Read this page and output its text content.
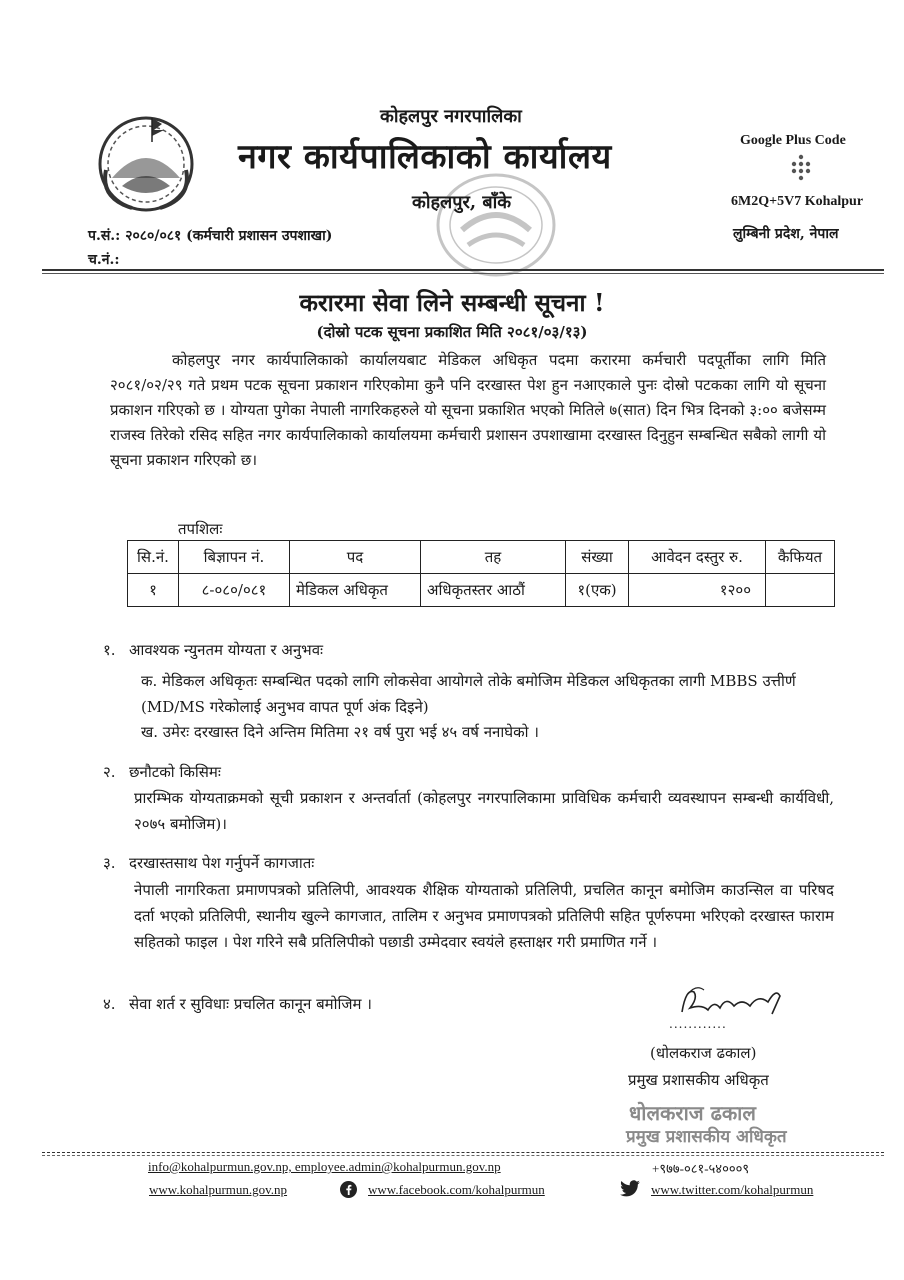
कोहलपुर नगरपालिका
नगर कार्यपालिकाको कार्यालय
कोहलपुर, बाँके
Google Plus Code
6M2Q+5V7 Kohalpur
लुम्बिनी प्रदेश, नेपाल
प.सं.: २०८०/०८१ (कर्मचारी प्रशासन उपशाखा)
च.नं.:
करारमा सेवा लिने सम्बन्धी सूचना !
(दोस्रो पटक सूचना प्रकाशित मिति २०८१/०३/१३)
कोहलपुर नगर कार्यपालिकाको कार्यालयबाट मेडिकल अधिकृत पदमा करारमा कर्मचारी पदपूर्तीका लागि मिति २०८१/०२/२९ गते प्रथम पटक सूचना प्रकाशन गरिएकोमा कुनै पनि दरखास्त पेश हुन नआएकाले पुनः दोस्रो पटकका लागि यो सूचना प्रकाशन गरिएको छ । योग्यता पुगेका नेपाली नागरिकहरुले यो सूचना प्रकाशित भएको मितिले ७(सात) दिन भित्र दिनको ३:०० बजेसम्म राजस्व तिरेको रसिद सहित नगर कार्यपालिकाको कार्यालयमा कर्मचारी प्रशासन उपशाखामा दरखास्त दिनुहुन सम्बन्धित सबैको लागी यो सूचना प्रकाशन गरिएको छ।
तपशिलः
सि.नं.	बिज्ञापन नं.	पद	तह	संख्या	आवेदन दस्तुर रु.	कैफियत
१	८-०८०/०८१	मेडिकल अधिकृत	अधिकृतस्तर आठौं	१(एक)	१२००	
१. आवश्यक न्युनतम योग्यता र अनुभवः
क. मेडिकल अधिकृतः सम्बन्धित पदको लागि लोकसेवा आयोगले तोके बमोजिम मेडिकल अधिकृतका लागी MBBS उत्तीर्ण (MD/MS गरेकोलाई अनुभव वापत पूर्ण अंक दिइने)
ख. उमेरः दरखास्त दिने अन्तिम मितिमा २१ वर्ष पुरा भई ४५ वर्ष ननाघेको ।
२. छनौटको किसिमः
प्रारम्भिक योग्यताक्रमको सूची प्रकाशन र अन्तर्वार्ता (कोहलपुर नगरपालिकामा प्राविधिक कर्मचारी व्यवस्थापन सम्बन्धी कार्यविधी, २०७५ बमोजिम)।
३. दरखास्तसाथ पेश गर्नुपर्ने कागजातः
नेपाली नागरिकता प्रमाणपत्रको प्रतिलिपी, आवश्यक शैक्षिक योग्यताको प्रतिलिपी, प्रचलित कानून बमोजिम काउन्सिल वा परिषद दर्ता भएको प्रतिलिपी, स्थानीय खुल्ने कागजात, तालिम र अनुभव प्रमाणपत्रको प्रतिलिपी सहित पूर्णरुपमा भरिएको दरखास्त फाराम सहितको फाइल । पेश गरिने सबै प्रतिलिपीको पछाडी उम्मेदवार स्वयंले हस्ताक्षर गरी प्रमाणित गर्ने ।
४. सेवा शर्त र सुविधाः प्रचलित कानून बमोजिम ।
............
(धोलकराज ढकाल)
प्रमुख प्रशासकीय अधिकृत
धोलकराज ढकाल
प्रमुख प्रशासकीय अधिकृत
info@kohalpurmun.gov.np, employee.admin@kohalpurmun.gov.np	+९७७-०८१-५४०००९
www.kohalpurmun.gov.np	www.facebook.com/kohalpurmun	www.twitter.com/kohalpurmun
